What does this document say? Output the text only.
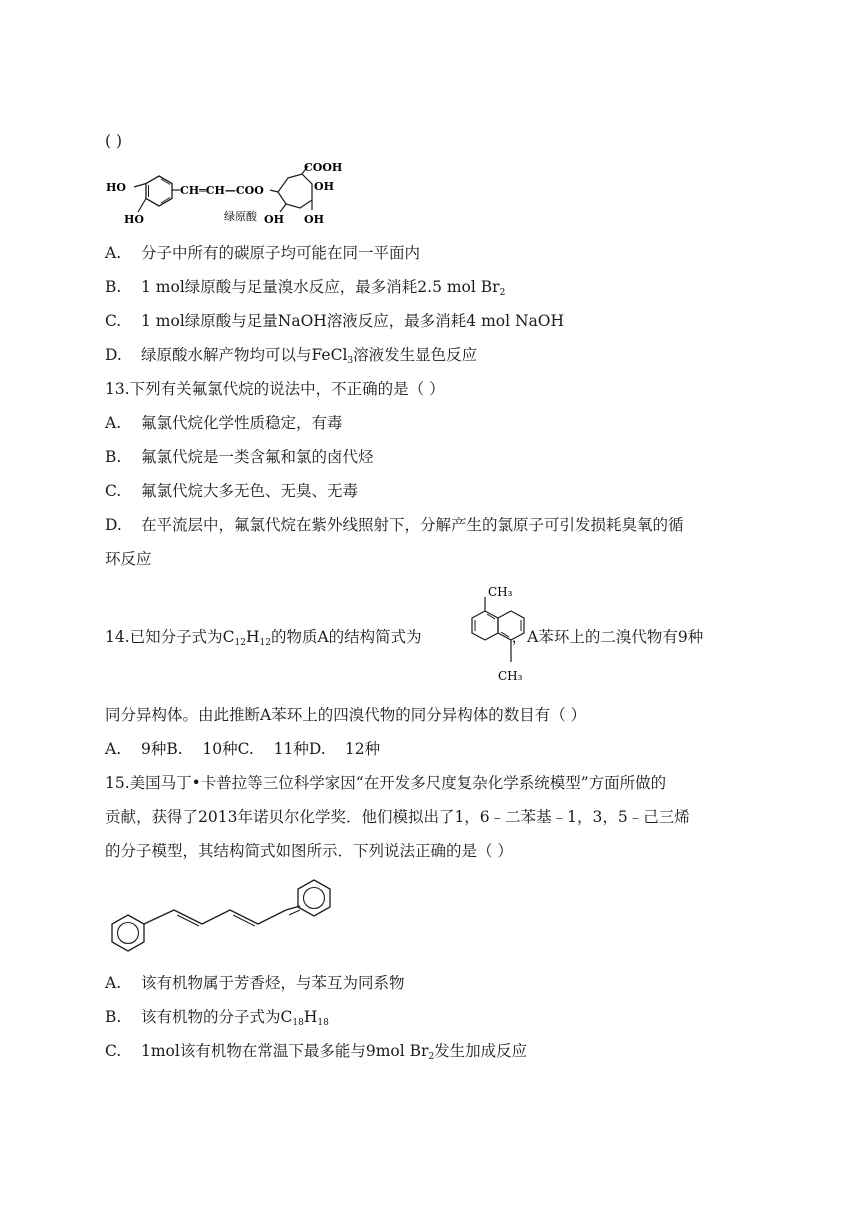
( )
HO
HO
CH═CH—COO
COOH
OH
OH OH
绿原酸
A. 分子中所有的碳原子均可能在同一平面内
B. 1 mol绿原酸与足量溴水反应，最多消耗2.5 mol $Br_2$
C. 1 mol绿原酸与足量NaOH溶液反应，最多消耗4 mol NaOH
D. 绿原酸水解产物均可以与FeCl$_3$溶液发生显色反应
13.下列有关氟氯代烷的说法中，不正确的是（ ）
A. 氟氯代烷化学性质稳定，有毒
B. 氟氯代烷是一类含氟和氯的卤代烃
C. 氟氯代烷大多无色、无臭、无毒
D. 在平流层中，氟氯代烷在紫外线照射下，分解产生的氯原子可引发损耗臭氧的循
环反应
14.已知分子式为$C_{12}H_{12}$的物质A的结构简式为	，A苯环上的二溴代物有9种
CH₃
CH₃
同分异构体。由此推断A苯环上的四溴代物的同分异构体的数目有（ ）
A. 9种B. 10种C. 11种D. 12种
15.美国马丁•卡普拉等三位科学家因“在开发多尺度复杂化学系统模型”方面所做的
贡献，获得了2013年诺贝尔化学奖．他们模拟出了1，6﹣二苯基﹣1，3，5﹣己三烯
的分子模型，其结构简式如图所示．下列说法正确的是（ ）
A. 该有机物属于芳香烃，与苯互为同系物
B. 该有机物的分子式为$C_{18}H_{18}$
C. 1mol该有机物在常温下最多能与9mol $Br_2$发生加成反应
